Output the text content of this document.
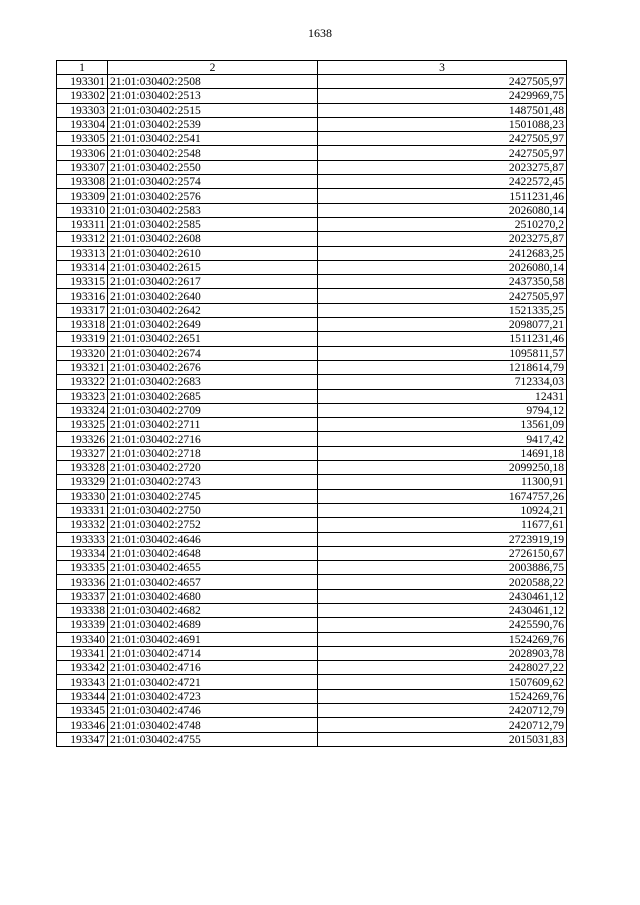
1638
1	2	3
193301	21:01:030402:2508	2427505,97
193302	21:01:030402:2513	2429969,75
193303	21:01:030402:2515	1487501,48
193304	21:01:030402:2539	1501088,23
193305	21:01:030402:2541	2427505,97
193306	21:01:030402:2548	2427505,97
193307	21:01:030402:2550	2023275,87
193308	21:01:030402:2574	2422572,45
193309	21:01:030402:2576	1511231,46
193310	21:01:030402:2583	2026080,14
193311	21:01:030402:2585	2510270,2
193312	21:01:030402:2608	2023275,87
193313	21:01:030402:2610	2412683,25
193314	21:01:030402:2615	2026080,14
193315	21:01:030402:2617	2437350,58
193316	21:01:030402:2640	2427505,97
193317	21:01:030402:2642	1521335,25
193318	21:01:030402:2649	2098077,21
193319	21:01:030402:2651	1511231,46
193320	21:01:030402:2674	1095811,57
193321	21:01:030402:2676	1218614,79
193322	21:01:030402:2683	712334,03
193323	21:01:030402:2685	12431
193324	21:01:030402:2709	9794,12
193325	21:01:030402:2711	13561,09
193326	21:01:030402:2716	9417,42
193327	21:01:030402:2718	14691,18
193328	21:01:030402:2720	2099250,18
193329	21:01:030402:2743	11300,91
193330	21:01:030402:2745	1674757,26
193331	21:01:030402:2750	10924,21
193332	21:01:030402:2752	11677,61
193333	21:01:030402:4646	2723919,19
193334	21:01:030402:4648	2726150,67
193335	21:01:030402:4655	2003886,75
193336	21:01:030402:4657	2020588,22
193337	21:01:030402:4680	2430461,12
193338	21:01:030402:4682	2430461,12
193339	21:01:030402:4689	2425590,76
193340	21:01:030402:4691	1524269,76
193341	21:01:030402:4714	2028903,78
193342	21:01:030402:4716	2428027,22
193343	21:01:030402:4721	1507609,62
193344	21:01:030402:4723	1524269,76
193345	21:01:030402:4746	2420712,79
193346	21:01:030402:4748	2420712,79
193347	21:01:030402:4755	2015031,83
